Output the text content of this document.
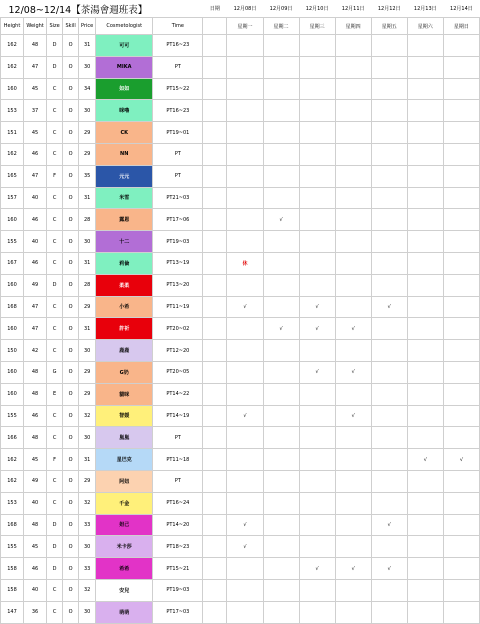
12/08~12/14【茶湯會週班表】							日期	12月08日	12月09日	12月10日	12月11日	12月12日	12月13日	12月14日
Height	Weight	Size	Skill	Price	Cosmetologist	Time		星期一	星期二	星期三	星期四	星期五	星期六	星期日
162	48	D	O	31	可可	PT16~23								
162	47	D	O	30	MIKA	PT								
160	45	C	O	34	如如	PT15~22								
153	37	C	O	30	咪嚕	PT16~23								
151	45	C	O	29	CK	PT19~01								
162	46	C	O	29	NN	PT								
165	47	F	O	35	元元	PT								
157	40	C	O	31	米雪	PT21~03								
160	46	C	O	28	露恩	PT17~06			√					
155	40	C	O	30	十二	PT19~03								
167	46	C	O	31	莉倫	PT13~19		休						
160	49	D	O	28	柔柔	PT13~20								
168	47	C	O	29	小希	PT11~19		√		√		√		
160	47	C	O	31	許祈	PT20~02			√	√	√			
150	42	C	O	30	鹿鹿	PT12~20								
160	48	G	O	29	G奶	PT20~05				√	√			
160	48	E	O	29	貓咪	PT14~22								
155	46	C	O	32	智媛	PT14~19		√			√			
166	48	C	O	30	嵐嵐	PT								
162	45	F	O	31	星巴克	PT11~18							√	√
162	49	C	O	29	阿妞	PT								
153	40	C	O	32	千金	PT16~24								
168	48	D	O	33	妲己	PT14~20		√				√		
155	45	D	O	30	米卡莎	PT18~23		√						
158	46	D	O	33	希希	PT15~21				√	√	√		
158	40	C	O	32	安兒	PT19~03								
147	36	C	O	30	萌萌	PT17~03								
